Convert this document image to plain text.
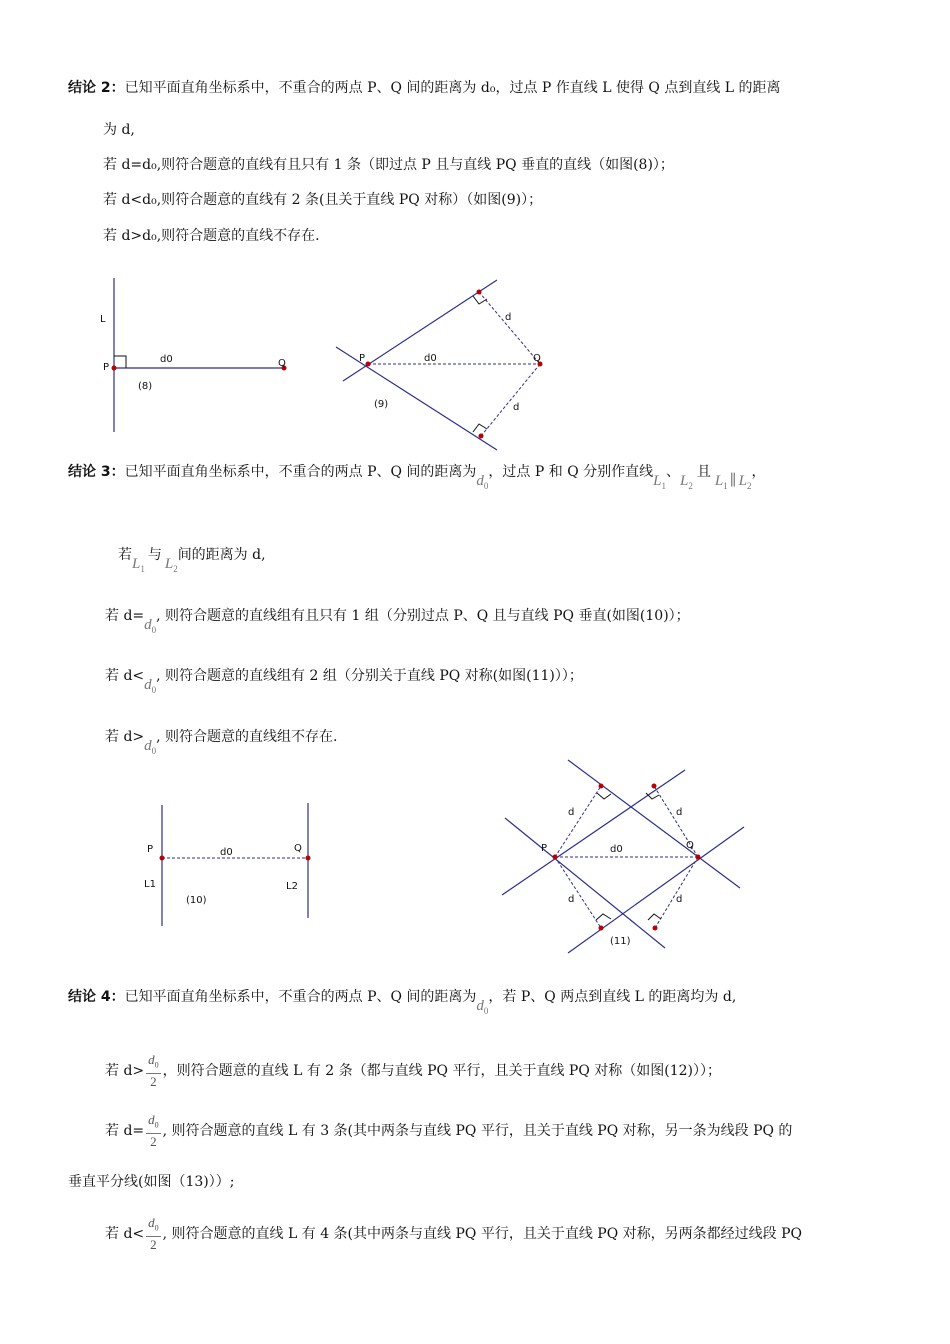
结论 2：已知平面直角坐标系中，不重合的两点 P、Q 间的距离为 d₀，过点 P 作直线 L 使得 Q 点到直线 L 的距离
为 d,
若 d=d₀,则符合题意的直线有且只有 1 条（即过点 P 且与直线 PQ 垂直的直线（如图(8)）；
若 d<d₀,则符合题意的直线有 2 条(且关于直线 PQ 对称）（如图(9)）；
若 d>d₀,则符合题意的直线不存在.
L
P
d0	Q
(8)
P	d0	Q
d
d
(9)
P	d0	Q
L1	L2
(10)
P	d0	Q
d	d
d	d
(11)
结论 3：已知平面直角坐标系中，不重合的两点 P、Q 间的距离为$d_0$，过点 P 和 Q 分别作直线$L_1$、$L_2$且$L_1$ ∥ $L_2$，
若$L_1$与$L_2$间的距离为 d,
若 $d=d_0$, 则符合题意的直线组有且只有 1 组（分别过点 P、Q 且与直线 PQ 垂直(如图(10)）；
若 $d<d_0$, 则符合题意的直线组有 2 组（分别关于直线 PQ 对称(如图(11)））；
若 $d>d_0$, 则符合题意的直线组不存在.
结论 4：已知平面直角坐标系中，不重合的两点 P、Q 间的距离为$d_0$，若 P、Q 两点到直线 L 的距离均为 d,
若 $d> \frac{d_0}{2}$ ，则符合题意的直线 L 有 2 条（都与直线 PQ 平行，且关于直线 PQ 对称（如图(12)））；
若 $d= \frac{d_0}{2}$ , 则符合题意的直线 L 有 3 条(其中两条与直线 PQ 平行，且关于直线 PQ 对称，另一条为线段 PQ 的
垂直平分线(如图（13)））;
若 $d< \frac{d_0}{2}$ , 则符合题意的直线 L 有 4 条(其中两条与直线 PQ 平行，且关于直线 PQ 对称，另两条都经过线段 PQ
